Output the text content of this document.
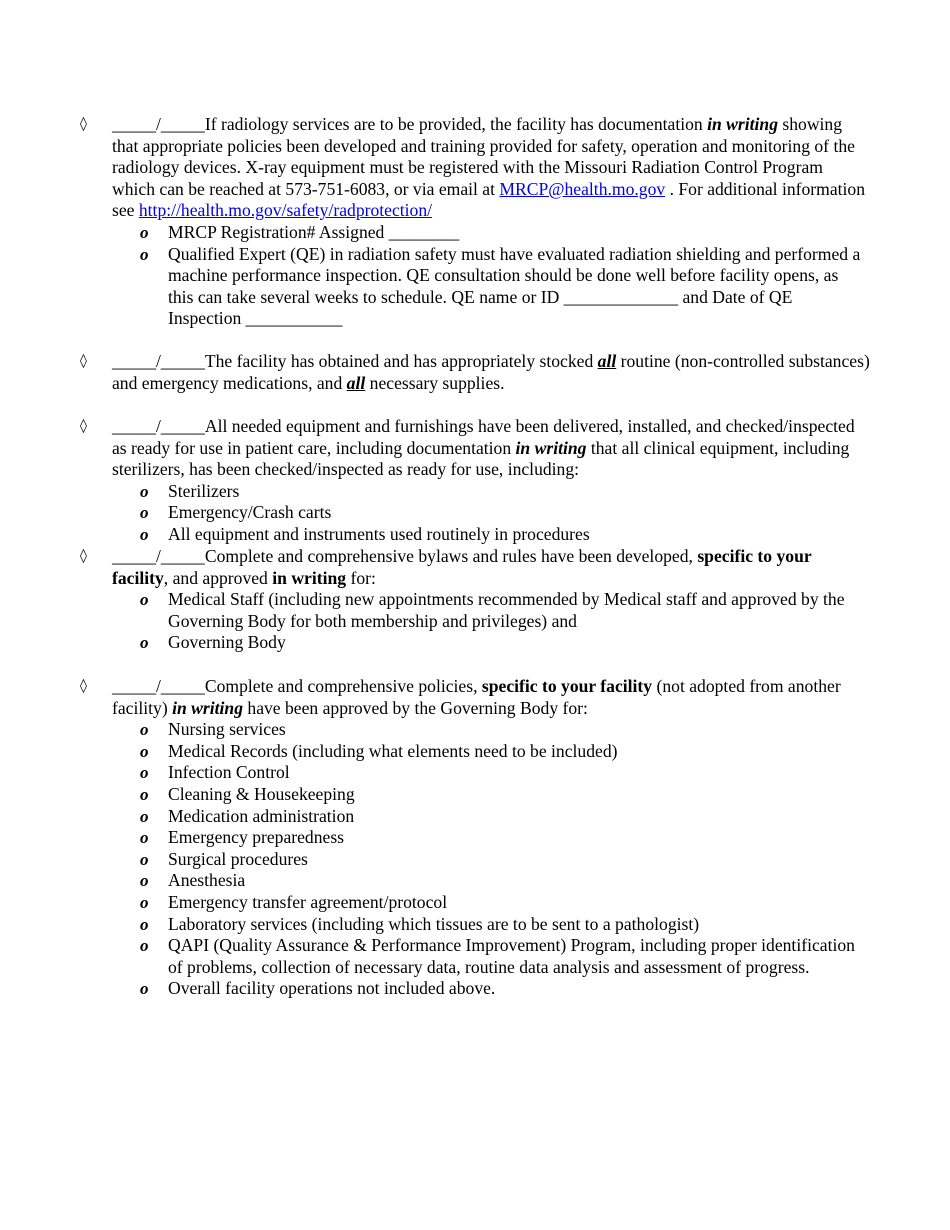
◊	_____/_____If radiology services are to be provided, the facility has documentation in writing showing that appropriate policies been developed and training provided for safety, operation and monitoring of the radiology devices. X-ray equipment must be registered with the Missouri Radiation Control Program which can be reached at 573-751-6083, or via email at MRCP@health.mo.gov . For additional information see http://health.mo.gov/safety/radprotection/
o MRCP Registration# Assigned ________
o Qualified Expert (QE) in radiation safety must have evaluated radiation shielding and performed a machine performance inspection. QE consultation should be done well before facility opens, as this can take several weeks to schedule. QE name or ID _____________ and Date of QE Inspection ___________
◊	_____/_____The facility has obtained and has appropriately stocked all routine (non-controlled substances) and emergency medications, and all necessary supplies.
◊	_____/_____All needed equipment and furnishings have been delivered, installed, and checked/inspected as ready for use in patient care, including documentation in writing that all clinical equipment, including sterilizers, has been checked/inspected as ready for use, including:
o Sterilizers
o Emergency/Crash carts
o All equipment and instruments used routinely in procedures
◊	_____/_____Complete and comprehensive bylaws and rules have been developed, specific to your facility, and approved in writing for:
o Medical Staff (including new appointments recommended by Medical staff and approved by the Governing Body for both membership and privileges) and
o Governing Body
◊	_____/_____Complete and comprehensive policies, specific to your facility (not adopted from another facility) in writing have been approved by the Governing Body for:
o Nursing services
o Medical Records (including what elements need to be included)
o Infection Control
o Cleaning & Housekeeping
o Medication administration
o Emergency preparedness
o Surgical procedures
o Anesthesia
o Emergency transfer agreement/protocol
o Laboratory services (including which tissues are to be sent to a pathologist)
o QAPI (Quality Assurance & Performance Improvement) Program, including proper identification of problems, collection of necessary data, routine data analysis and assessment of progress.
o Overall facility operations not included above.
